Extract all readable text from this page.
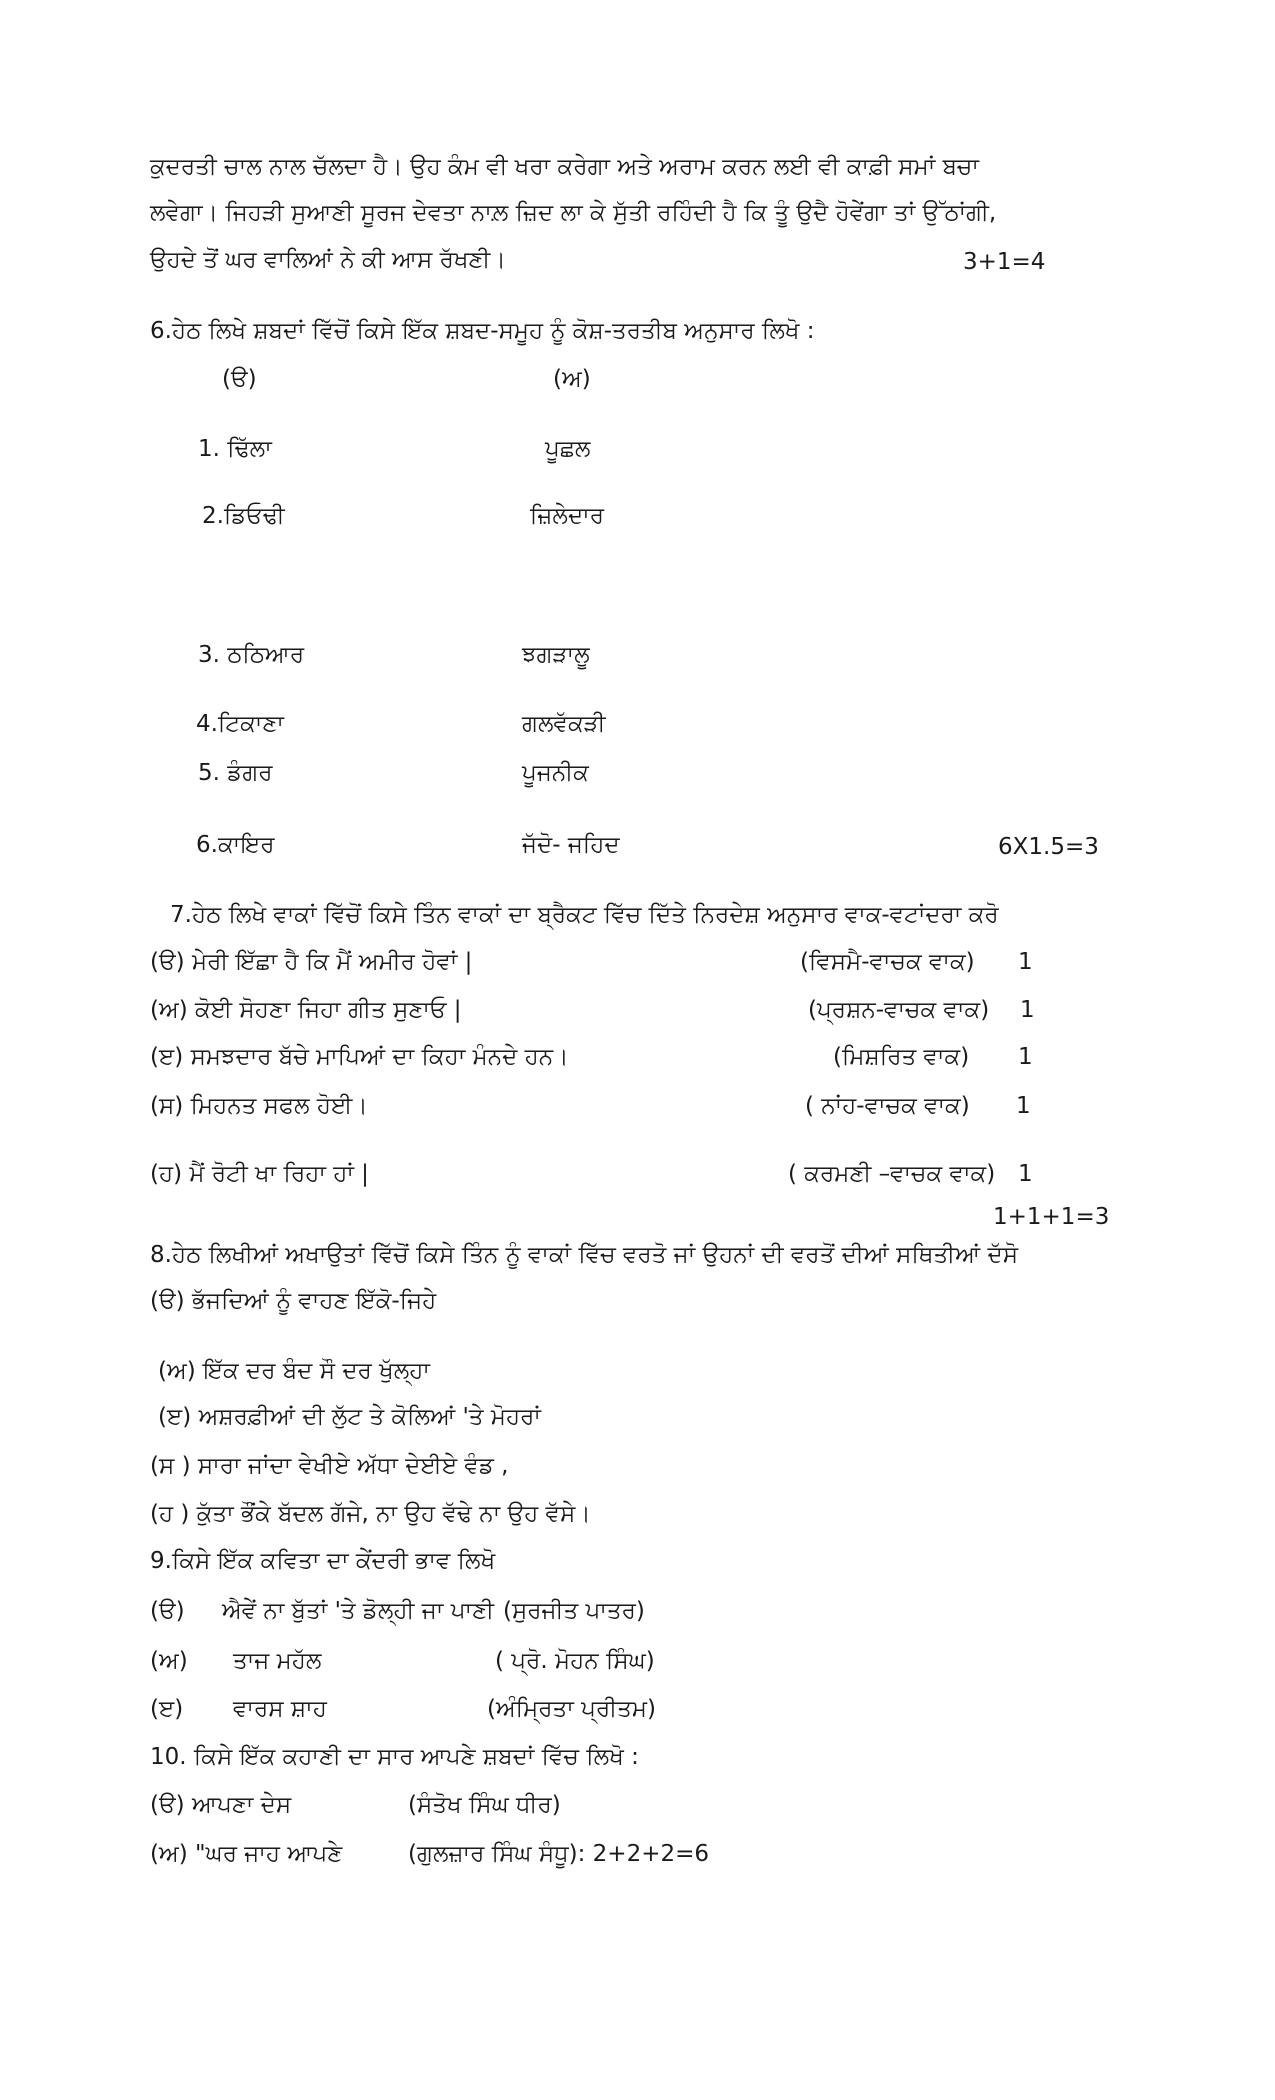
ਕੁਦਰਤੀ ਚਾਲ ਨਾਲ ਚੱਲਦਾ ਹੈ। ਉਹ ਕੰਮ ਵੀ ਖਰਾ ਕਰੇਗਾ ਅਤੇ ਅਰਾਮ ਕਰਨ ਲਈ ਵੀ ਕਾਫ਼ੀ ਸਮਾਂ ਬਚਾ
ਲਵੇਗਾ। ਜਿਹੜੀ ਸੁਆਣੀ ਸੂਰਜ ਦੇਵਤਾ ਨਾਲ਼ ਜ਼ਿਦ ਲਾ ਕੇ ਸੁੱਤੀ ਰਹਿੰਦੀ ਹੈ ਕਿ ਤੂੰ ਉਦੈ ਹੋਵੇਂਗਾ ਤਾਂ ਉੱਠਾਂਗੀ,
ਉਹਦੇ ਤੋਂ ਘਰ ਵਾਲਿਆਂ ਨੇ ਕੀ ਆਸ ਰੱਖਣੀ।	3+1=4
6.ਹੇਠ ਲਿਖੇ ਸ਼ਬਦਾਂ ਵਿੱਚੋਂ ਕਿਸੇ ਇੱਕ ਸ਼ਬਦ-ਸਮੂਹ ਨੂੰ ਕੋਸ਼-ਤਰਤੀਬ ਅਨੁਸਾਰ ਲਿਖੋ :
(ੳ)	(ਅ)
1. ਢਿੱਲਾ	ਪੂਛਲ
2.ਡਿਓਢੀ	ਜ਼ਿਲੇਦਾਰ
3. ਠਠਿਆਰ	ਝਗੜਾਲੂ
4.ਟਿਕਾਣਾ	ਗਲਵੱਕੜੀ
5. ਡੰਗਰ	ਪੂਜਨੀਕ
6.ਕਾਇਰ	ਜੱਦੋ- ਜਹਿਦ	6X1.5=3
7.ਹੇਠ ਲਿਖੇ ਵਾਕਾਂ ਵਿੱਚੋਂ ਕਿਸੇ ਤਿੰਨ ਵਾਕਾਂ ਦਾ ਬ੍ਰੈਕਟ ਵਿੱਚ ਦਿੱਤੇ ਨਿਰਦੇਸ਼ ਅਨੁਸਾਰ ਵਾਕ-ਵਟਾਂਦਰਾ ਕਰੋ
(ੳ) ਮੇਰੀ ਇੱਛਾ ਹੈ ਕਿ ਮੈਂ ਅਮੀਰ ਹੋਵਾਂ |	(ਵਿਸਮੈ-ਵਾਚਕ ਵਾਕ) 1
(ਅ) ਕੋਈ ਸੋਹਣਾ ਜਿਹਾ ਗੀਤ ਸੁਣਾਓ |	(ਪ੍ਰਸ਼ਨ-ਵਾਚਕ ਵਾਕ) 1
(ੲ) ਸਮਝਦਾਰ ਬੱਚੇ ਮਾਪਿਆਂ ਦਾ ਕਿਹਾ ਮੰਨਦੇ ਹਨ।	(ਮਿਸ਼ਰਿਤ ਵਾਕ) 1
(ਸ) ਮਿਹਨਤ ਸਫਲ ਹੋਈ।	( ਨਾਂਹ-ਵਾਚਕ ਵਾਕ) 1
(ਹ) ਮੈਂ ਰੋਟੀ ਖਾ ਰਿਹਾ ਹਾਂ |	( ਕਰਮਣੀ –ਵਾਚਕ ਵਾਕ) 1
1+1+1=3
8.ਹੇਠ ਲਿਖੀਆਂ ਅਖਾਉਤਾਂ ਵਿੱਚੋਂ ਕਿਸੇ ਤਿੰਨ ਨੂੰ ਵਾਕਾਂ ਵਿੱਚ ਵਰਤੋ ਜਾਂ ਉਹਨਾਂ ਦੀ ਵਰਤੋਂ ਦੀਆਂ ਸਥਿਤੀਆਂ ਦੱਸੋ
(ੳ) ਭੱਜਦਿਆਂ ਨੂੰ ਵਾਹਣ ਇੱਕੋ-ਜਿਹੇ
(ਅ) ਇੱਕ ਦਰ ਬੰਦ ਸੌ ਦਰ ਖੁੱਲ੍ਹਾ
(ੲ) ਅਸ਼ਰਫ਼ੀਆਂ ਦੀ ਲੁੱਟ ਤੇ ਕੋਲਿਆਂ 'ਤੇ ਮੋਹਰਾਂ
(ਸ ) ਸਾਰਾ ਜਾਂਦਾ ਵੇਖੀਏ ਅੱਧਾ ਦੇਈਏ ਵੰਡ ,
(ਹ ) ਕੁੱਤਾ ਭੌਂਕੇ ਬੱਦਲ ਗੱਜੇ, ਨਾ ਉਹ ਵੱਢੇ ਨਾ ਉਹ ਵੱਸੇ।
9.ਕਿਸੇ ਇੱਕ ਕਵਿਤਾ ਦਾ ਕੇਂਦਰੀ ਭਾਵ ਲਿਖੋ
(ੳ) ਐਵੇਂ ਨਾ ਬੁੱਤਾਂ 'ਤੇ ਡੋਲ੍ਹੀ ਜਾ ਪਾਣੀ (ਸੁਰਜੀਤ ਪਾਤਰ)
(ਅ) ਤਾਜ ਮਹੱਲ	( ਪ੍ਰੋ. ਮੋਹਨ ਸਿੰਘ)
(ੲ) ਵਾਰਸ ਸ਼ਾਹ	(ਅੰਮ੍ਰਿਤਾ ਪ੍ਰੀਤਮ)
10. ਕਿਸੇ ਇੱਕ ਕਹਾਣੀ ਦਾ ਸਾਰ ਆਪਣੇ ਸ਼ਬਦਾਂ ਵਿੱਚ ਲਿਖੋ :
(ੳ) ਆਪਣਾ ਦੇਸ	(ਸੰਤੋਖ ਸਿੰਘ ਧੀਰ)
(ਅ) "ਘਰ ਜਾਹ ਆਪਣੇ	(ਗੁਲਜ਼ਾਰ ਸਿੰਘ ਸੰਧੂ): 2+2+2=6
